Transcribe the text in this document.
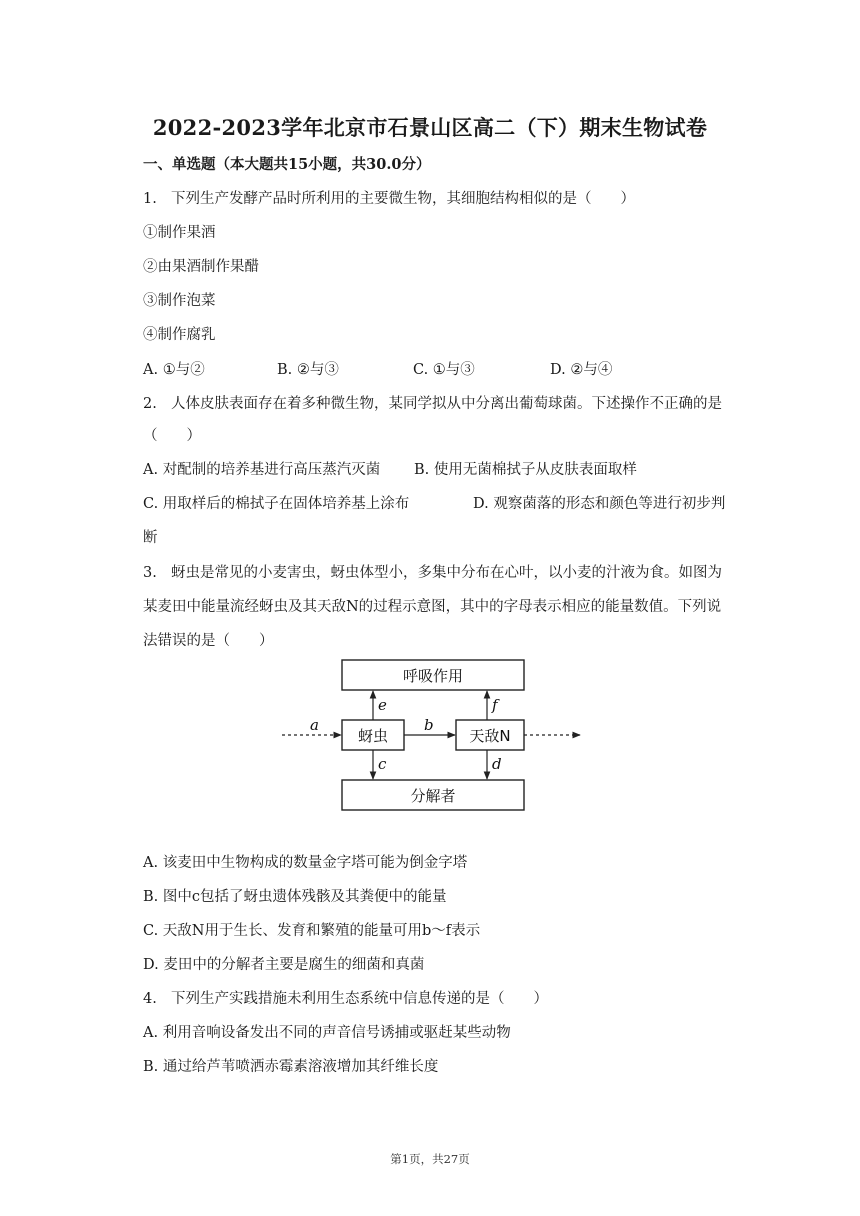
2022-2023学年北京市石景山区高二（下）期末生物试卷
一、单选题（本大题共15小题，共30.0分）
1. 下列生产发酵产品时所利用的主要微生物，其细胞结构相似的是（　　）
①制作果酒
②由果酒制作果醋
③制作泡菜
④制作腐乳
A. ①与②	B. ②与③	C. ①与③	D. ②与④
2. 人体皮肤表面存在着多种微生物，某同学拟从中分离出葡萄球菌。下述操作不正确的是
（　　）
A. 对配制的培养基进行高压蒸汽灭菌 B. 使用无菌棉拭子从皮肤表面取样
C. 用取样后的棉拭子在固体培养基上涂布	D. 观察菌落的形态和颜色等进行初步判
断
3. 蚜虫是常见的小麦害虫，蚜虫体型小，多集中分布在心叶，以小麦的汁液为食。如图为
某麦田中能量流经蚜虫及其天敌N的过程示意图，其中的字母表示相应的能量数值。下列说
法错误的是（　　）
呼吸作用
蚜虫	天敌N
分解者
a	b
c	d
e	f
A. 该麦田中生物构成的数量金字塔可能为倒金字塔
B. 图中c包括了蚜虫遗体残骸及其粪便中的能量
C. 天敌N用于生长、发育和繁殖的能量可用b～f表示
D. 麦田中的分解者主要是腐生的细菌和真菌
4. 下列生产实践措施未利用生态系统中信息传递的是（　　）
A. 利用音响设备发出不同的声音信号诱捕或驱赶某些动物
B. 通过给芦苇喷洒赤霉素溶液增加其纤维长度
第1页，共27页
